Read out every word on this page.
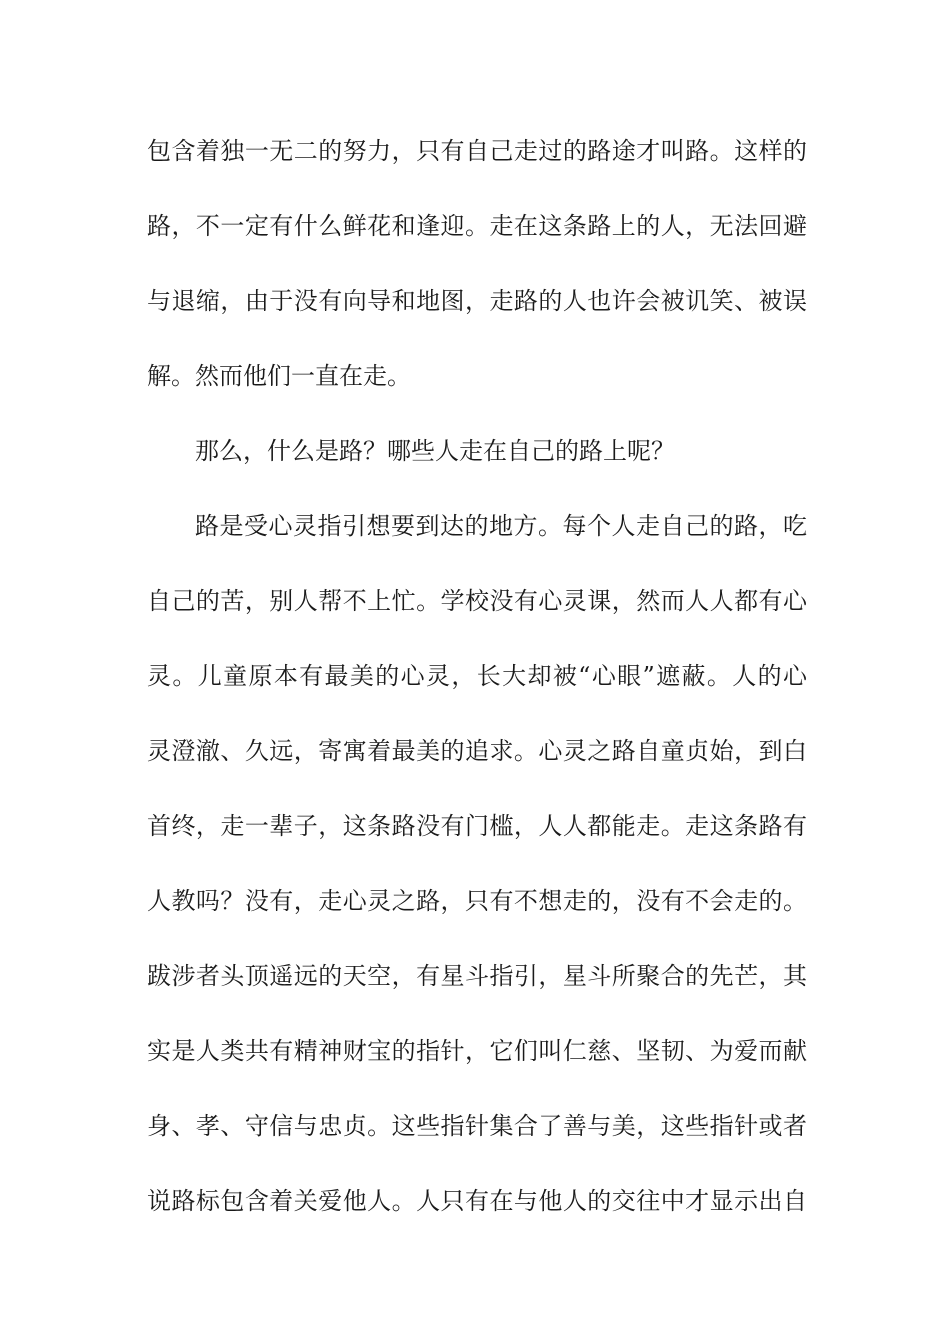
包含着独一无二的努力，只有自己走过的路途才叫路。这样的
路，不一定有什么鲜花和逢迎。走在这条路上的人，无法回避
与退缩，由于没有向导和地图，走路的人也许会被讥笑、被误
解。然而他们一直在走。
那么，什么是路？哪些人走在自己的路上呢？
路是受心灵指引想要到达的地方。每个人走自己的路，吃
自己的苦，别人帮不上忙。学校没有心灵课，然而人人都有心
灵。儿童原本有最美的心灵，长大却被“心眼”遮蔽。人的心
灵澄澈、久远，寄寓着最美的追求。心灵之路自童贞始，到白
首终，走一辈子，这条路没有门槛，人人都能走。走这条路有
人教吗？没有，走心灵之路，只有不想走的，没有不会走的。
跋涉者头顶遥远的天空，有星斗指引，星斗所聚合的先芒，其
实是人类共有精神财宝的指针，它们叫仁慈、坚韧、为爱而献
身、孝、守信与忠贞。这些指针集合了善与美，这些指针或者
说路标包含着关爱他人。人只有在与他人的交往中才显示出自
